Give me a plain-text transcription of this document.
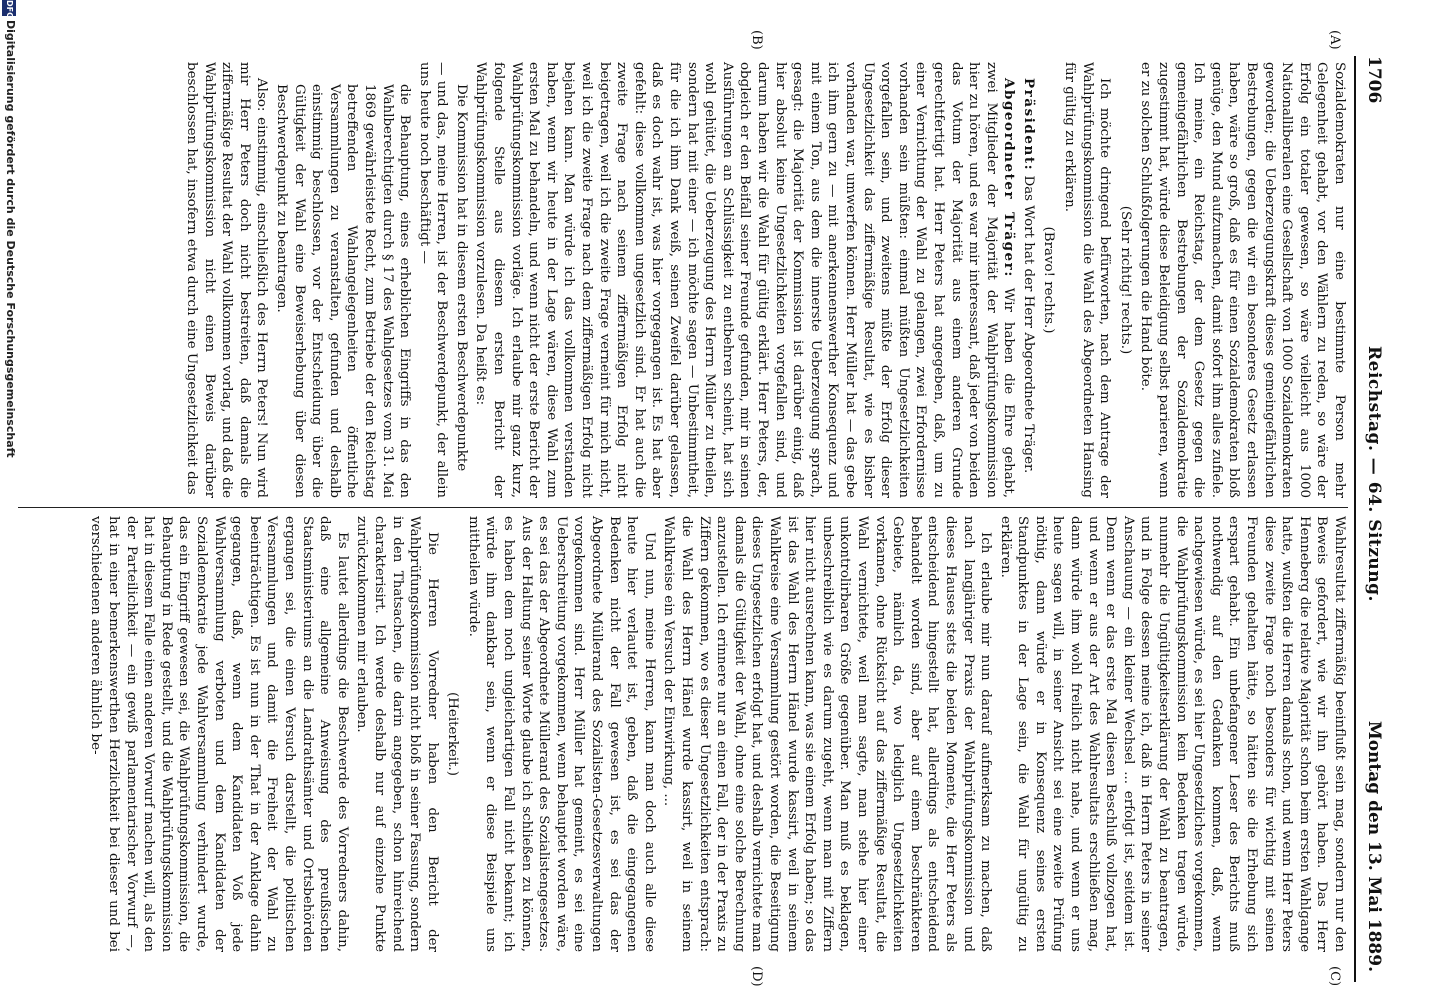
1706
Reichstag. — 64. Sitzung.
Montag den 13. Mai 1889.
(A)
(B)
(C)
(D)

Sozialdemokraten nur eine bestimmte Person mehr Gelegenheit gehabt, vor den Wählern zu reden, so wäre der Erfolg ein totaler gewesen, so wäre vielleicht aus 1000 Nationalliberalen eine Gesellschaft von 1000 Sozialdemokraten geworden; die Ueberzeugungskraft dieses gemeingefährlichen Bestrebungen, gegen die wir ein besonderes Gesetz erlassen haben, wäre so groß, daß es für einen Sozialdemokraten bloß genüge, den Mund aufzumachen, damit sofort ihm alles zufiele. Ich meine, ein Reichstag, der dem Gesetz gegen die gemeingefährlichen Bestrebungen der Sozialdemokratie zugestimmt hat, würde diese Beleidigung selbst parieren, wenn er zu solchen Schlußfolgerungen die Hand böte.

(Sehr richtig! rechts.)

Ich möchte dringend befürworten, nach dem Antrage der Wahlprüfungskommission die Wahl des Abgeordneten Hansing für gültig zu erklären.

(Bravo! rechts.)

Präsident: Das Wort hat der Herr Abgeordnete Träger.

Abgeordneter Träger: Wir haben die Ehre gehabt, zwei Mitglieder der Majorität der Wahlprüfungskommission hier zu hören, und es war mir interessant, daß jeder von beiden das Votum der Majorität aus einem anderen Grunde gerechtfertigt hat. Herr Peters hat angegeben, daß, um zu einer Vernichtung der Wahl zu gelangen, zwei Erfordernisse vorhanden sein müßten: einmal müßten Ungesetzlichkeiten vorgefallen sein, und zweitens müßte der Erfolg dieser Ungesetzlichkeit das ziffermäßige Resultat, wie es bisher vorhanden war, umwerfen können. Herr Müller hat — das gebe ich ihm gern zu — mit anerkennenswerther Konsequenz und mit einem Ton, aus dem die innerste Ueberzeugung sprach, gesagt: die Majorität der Kommission ist darüber einig, daß hier absolut keine Ungesetzlichkeiten vorgefallen sind, und darum haben wir die Wahl für gültig erklärt. Herr Peters, der, obgleich er den Beifall seiner Freunde gefunden, mir in seinen Ausführungen an Schlüssigkeit zu entbehren scheint, hat sich wohl gehütet, die Ueberzeugung des Herrn Müller zu theilen, sondern hat mit einer — ich möchte sagen — Unbestimmtheit, für die ich ihm Dank weiß, seinen Zweifel darüber gelassen, daß es doch wahr ist, was hier vorgegangen ist. Es hat aber gefehlt: diese vollkommen ungesetzlich sind. Er hat auch die zweite Frage nach seinem ziffermäßigen Erfolg nicht beigetragen, weil ich die zweite Frage verneint für mich nicht, weil ich die zweite Frage nach dem ziffermäßigen Erfolg nicht bejahen kann. Man würde ich das vollkommen verstanden haben, wenn wir heute in der Lage wären, diese Wahl zum ersten Mal zu behandeln, und wenn nicht der erste Bericht der Wahlprüfungskommission vorläge. Ich erlaube mir ganz kurz, folgende Stelle aus diesem ersten Bericht der Wahlprüfungskommission vorzulesen. Da heißt es:

Die Kommission hat in diesem ersten Beschwerdepunkte

— und das, meine Herren, ist der Beschwerdepunkt, der allein uns heute noch beschäftigt —

die Behauptung, eines erheblichen Eingriffs in das den Wahlberechtigten durch § 17 des Wahlgesetzes vom 31. Mai 1869 gewährleistete Recht, zum Betriebe der den Reichstag betreffenden Wahlangelegenheiten öffentliche Versammlungen zu veranstalten, gefunden und deshalb einstimmig beschlossen, vor der Entscheidung über die Gültigkeit der Wahl eine Beweiserhebung über diesen Beschwerdepunkt zu beantragen.

Also: einstimmig, einschließlich des Herrn Peters! Nun wird mir Herr Peters doch nicht bestreiten, daß damals die ziffermäßige Resultat der Wahl vollkommen vorlag, und daß die Wahlprüfungskommission nicht einen Beweis darüber beschlossen hat, insofern etwa durch eine Ungesetzlichkeit das

Wahlresultat ziffermäßig beeinflußt sein mag, sondern nur den Beweis gefordert, wie wir ihn gehört haben. Das Herr Henneberg die relative Majorität schon beim ersten Wahlgange hatte, wußten die Herren damals schon, und wenn Herr Peters diese zweite Frage noch besonders für wichtig mit seinen Freunden gehalten hätte, so hätten sie die Erhebung sich erspart gehabt. Ein unbefangener Leser des Berichts muß nothwendig auf den Gedanken kommen, daß, wenn nachgewiesen würde, es sei hier Ungesetzliches vorgekommen, die Wahlprüfungskommission kein Bedenken tragen würde, nunmehr die Ungültigkeitserklärung der Wahl zu beantragen, und in Folge dessen meine ich, daß in Herrn Peters in seiner Anschauung — ein kleiner Wechsel ... erfolgt ist, seitdem ist. Denn wenn er das erste Mal diesen Beschluß vollzogen hat, und wenn er aus der Art des Wahlresultats erschließen mag, dann würde ihm wohl freilich nicht nahe, und wenn er uns heute sagen will, in seiner Ansicht sei eine zweite Prüfung nöthig, dann würde er in Konsequenz seines ersten Standpunktes in der Lage sein, die Wahl für ungültig zu erklären.

Ich erlaube mir nun darauf aufmerksam zu machen, daß nach langjähriger Praxis der Wahlprüfungskommission und dieses Hauses stets die beiden Momente, die Herr Peters als entscheidend hingestellt hat, allerdings als entscheidend behandelt worden sind, aber auf einem beschränkteren Gebiete, nämlich da, wo lediglich Ungesetzlichkeiten vorkamen, ohne Rücksicht auf das ziffermäßige Resultat, die Wahl vernichtete, weil man sagte, man stehe hier einer unkontrolirbaren Größe gegenüber. Man muß es beklagen, unbeschreiblich wie es darum zugeht, wenn man mit Ziffern hier nicht ausrechnen kann, was sie einem Erfolg haben; so das ist das Wahl des Herrn Hänel wurde kassirt, weil in seinem Wahlkreise eine Versammlung gestört worden, die Beseitigung dieses Ungesetzlichen erfolgt hat, und deshalb vernichtete man damals die Gültigkeit der Wahl, ohne eine solche Berechnung anzustellen. Ich erinnere nur an einen Fall, der in der Praxis zu Ziffern gekommen, wo es dieser Ungesetzlichkeiten entsprach: die Wahl des Herrn Hänel wurde kassirt, weil in seinem Wahlkreise ein Versuch der Einwirkung, ...

Und nun, meine Herren, kann man doch auch alle diese heute hier verlautet ist, geben, daß die eingegangenen Bedenken nicht der Fall gewesen ist, es sei das der Abgeordnete Müllerand des Sozialisten-Gesetzesverwaltungen vorgekommen sind. Herr Müller hat gemeint, es sei eine Ueberschreitung vorgekommen, wenn behauptet worden wäre, es sei das der Abgeordnete Müllerand des Sozialistengesetzes. Aus der Haltung seiner Worte glaube ich schließen zu können, es haben dem noch ungleichartigen Fall nicht bekannt; ich würde ihm dankbar sein, wenn er diese Beispiele uns mittheilen würde.

(Heiterkeit.)

Die Herren Vorredner haben den Bericht der Wahlprüfungskommission nicht bloß in seiner Fassung, sondern in den Thatsachen, die darin angegeben, schon hinreichend charakterisirt. Ich werde deshalb nur auf einzelne Punkte zurückzukommen mir erlauben.

Es lautet allerdings die Beschwerde des Vorredners dahin, daß eine allgemeine Anweisung des preußischen Staatsministeriums an die Landrathsämter und Ortsbehörden ergangen sei, die einen Versuch darstellt, die politischen Versammlungen und damit die Freiheit der Wahl zu beeinträchtigen. Es ist nun in der That in der Anklage dahin gegangen, daß, wenn dem Kandidaten Voß jede Wahlversammlung verboten und dem Kandidaten der Sozialdemokratie jede Wahlversammlung verhindert wurde, das ein Eingriff gewesen sei, die Wahlprüfungskommission, die Behauptung in Rede gestellt, und die Wahlprüfungskommission hat in diesem Falle einen anderen Vorwurf machen will, als den der Parteilichkeit — ein gewiß parlamentarischer Vorwurf —, hat in einer bemerkenswerthen Herzlichkeit bei dieser und bei verschiedenen anderen ähnlich be-

DFG
Digitalisierung gefördert durch die Deutsche Forschungsgemeinschaft
